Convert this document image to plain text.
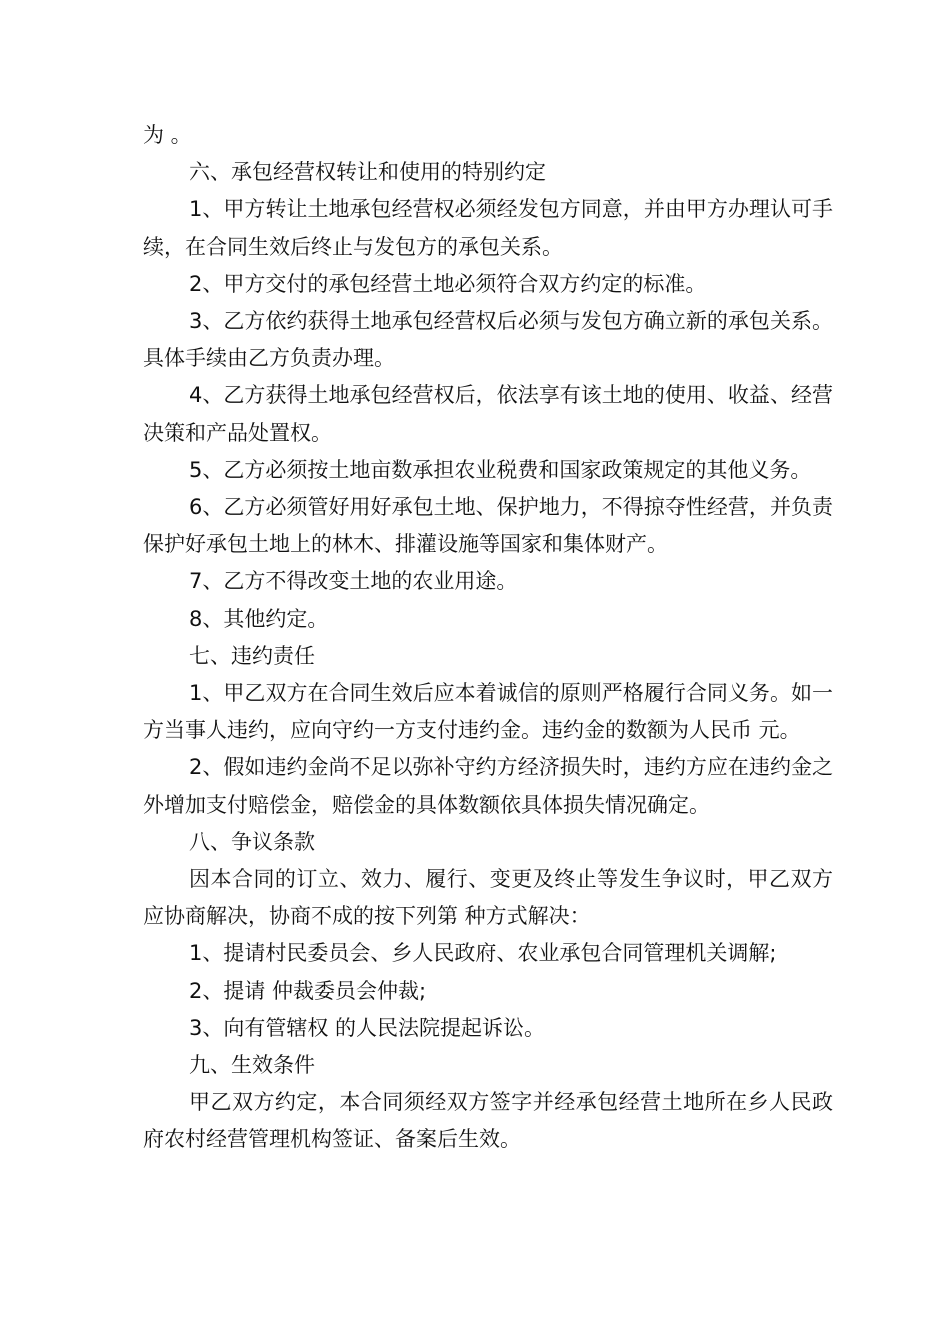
为 。

六、承包经营权转让和使用的特别约定

1、甲方转让土地承包经营权必须经发包方同意，并由甲方办理认可手续，在合同生效后终止与发包方的承包关系。

2、甲方交付的承包经营土地必须符合双方约定的标准。

3、乙方依约获得土地承包经营权后必须与发包方确立新的承包关系。具体手续由乙方负责办理。

4、乙方获得土地承包经营权后，依法享有该土地的使用、收益、经营决策和产品处置权。

5、乙方必须按土地亩数承担农业税费和国家政策规定的其他义务。

6、乙方必须管好用好承包土地、保护地力，不得掠夺性经营，并负责保护好承包土地上的林木、排灌设施等国家和集体财产。

7、乙方不得改变土地的农业用途。

8、其他约定。

七、违约责任

1、甲乙双方在合同生效后应本着诚信的原则严格履行合同义务。如一方当事人违约，应向守约一方支付违约金。违约金的数额为人民币 元。

2、假如违约金尚不足以弥补守约方经济损失时，违约方应在违约金之外增加支付赔偿金，赔偿金的具体数额依具体损失情况确定。

八、争议条款

因本合同的订立、效力、履行、变更及终止等发生争议时，甲乙双方应协商解决，协商不成的按下列第 种方式解决：

1、提请村民委员会、乡人民政府、农业承包合同管理机关调解;

2、提请 仲裁委员会仲裁;

3、向有管辖权 的人民法院提起诉讼。

九、生效条件

甲乙双方约定，本合同须经双方签字并经承包经营土地所在乡人民政府农村经营管理机构签证、备案后生效。
